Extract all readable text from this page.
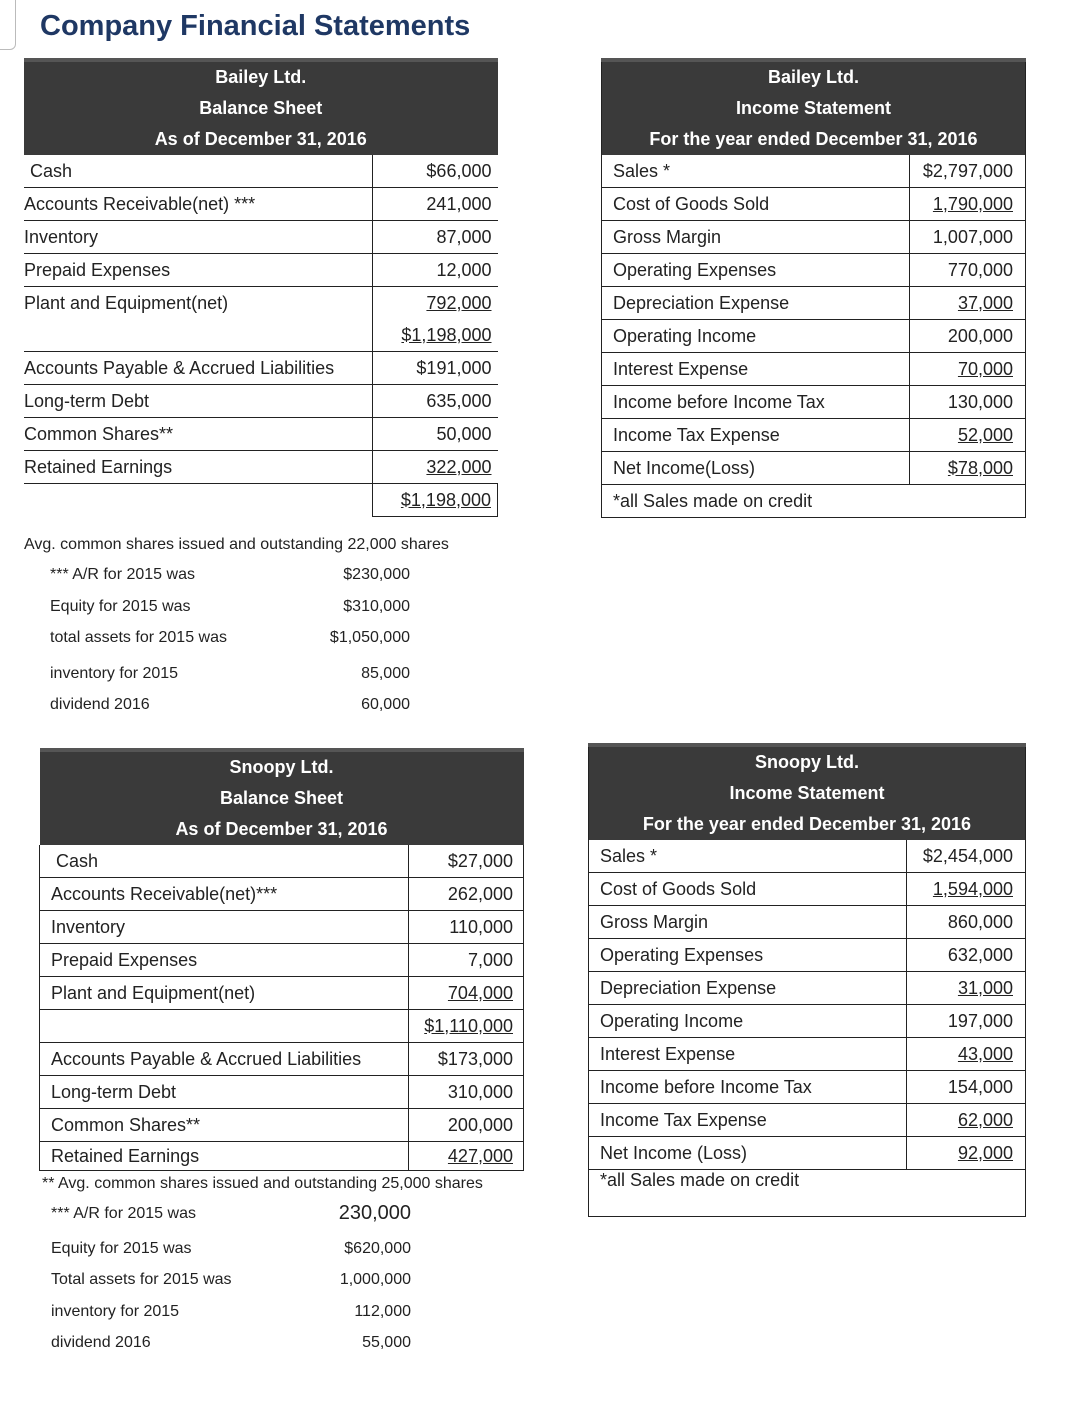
Company Financial Statements
Bailey Ltd.	
Balance Sheet	
As of December 31, 2016	
Cash	$66,000
Accounts Receivable(net) ***	241,000
Inventory	87,000
Prepaid Expenses	12,000
Plant and Equipment(net)	792,000
	$1,198,000
Accounts Payable & Accrued Liabilities	$191,000
Long-term Debt	635,000
Common Shares**	50,000
Retained Earnings	322,000
	$1,198,000
Bailey Ltd.	
Income Statement	
For the year ended December 31, 2016	
Sales *	$2,797,000
Cost of Goods Sold	1,790,000
Gross Margin	1,007,000
Operating Expenses	770,000
Depreciation Expense	37,000
Operating Income	200,000
Interest Expense	70,000
Income before Income Tax	130,000
Income Tax Expense	52,000
Net Income(Loss)	$78,000
*all Sales made on credit	
Avg. common shares issued and outstanding 22,000 shares
*** A/R for 2015 was	$230,000
Equity for 2015 was	$310,000
total assets for 2015 was	$1,050,000
inventory for 2015	85,000
dividend 2016	60,000
Snoopy Ltd.	
Balance Sheet	
As of December 31, 2016	
Cash	$27,000
Accounts Receivable(net)***	262,000
Inventory	110,000
Prepaid Expenses	7,000
Plant and Equipment(net)	704,000
	$1,110,000
Accounts Payable & Accrued Liabilities	$173,000
Long-term Debt	310,000
Common Shares**	200,000
Retained Earnings	427,000
Snoopy Ltd.	
Income Statement	
For the year ended December 31, 2016	
Sales *	$2,454,000
Cost of Goods Sold	1,594,000
Gross Margin	860,000
Operating Expenses	632,000
Depreciation Expense	31,000
Operating Income	197,000
Interest Expense	43,000
Income before Income Tax	154,000
Income Tax Expense	62,000
Net Income (Loss)	92,000
*all Sales made on credit	

** Avg. common shares issued and outstanding 25,000 shares
*** A/R for 2015 was	230,000
Equity for 2015 was	$620,000
Total assets for 2015 was	1,000,000
inventory for 2015	112,000
dividend 2016	55,000
